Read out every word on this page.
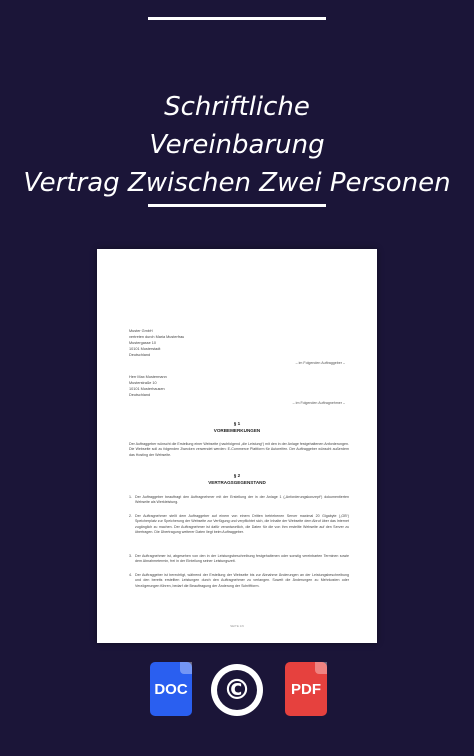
Schriftliche
Vereinbarung
Vertrag Zwischen Zwei Personen
Muster GmbH
vertreten durch Maria Musterfrau
Mustergasse 10
10101 Musterstadt
Deutschland
– im Folgenden Auftraggeber –
Herr Max Mustermann
Musterstraße 10
10101 Musterhausen
Deutschland
– im Folgenden Auftragnehmer –
§ 1
VORBEMERKUNGEN
Der Auftraggeber wünscht die Erstellung einer Webseite (nachfolgend „die Leistung“) mit den in der Anlage festgehaltenen Anforderungen. Die Webseite soll zu folgenden Zwecken verwendet werden: E-Commerce Plattform für Autoreifen. Der Auftraggeber wünscht außerdem das Hosting der Webseite.
§ 2
VERTRAGSGEGENSTAND
1. Der Auftraggeber beauftragt den Auftragnehmer mit der Erstellung der in der Anlage 1 („Anforderungskonzept“) dokumentierten Webseite als Werkleistung.
2. Der Auftragnehmer stellt dem Auftraggeber auf einem von einem Dritten betriebenen Server maximal 20 Gigabyte („GB“) Speicherplatz zur Speicherung der Webseite zur Verfügung und verpflichtet sich, die Inhalte der Webseite dem Abruf über das Internet zugänglich zu machen. Der Auftragnehmer ist dafür verantwortlich, die Daten für die von ihm erstellte Webseite auf den Server zu übertragen. Die Übertragung weiterer Daten liegt beim Auftraggeber.
3. Der Auftragnehmer ist, abgesehen von den in der Leistungsbeschreibung festgehaltenen oder sonstig vereinbarten Terminen sowie dem Abnahmetermin, frei in der Einteilung seiner Leistungszeit.
4. Der Auftraggeber ist berechtigt, während der Erstellung der Webseite bis zur Abnahme Änderungen an der Leistungsbeschreibung und den bereits erstellten Leistungen durch den Auftragnehmer zu verlangen. Soweit die Änderungen zu Mehrkosten oder Verzögerungen führen, bedarf die Beauftragung der Änderung der Schriftform.
SEITE 1/9
DOC ©	PDF
